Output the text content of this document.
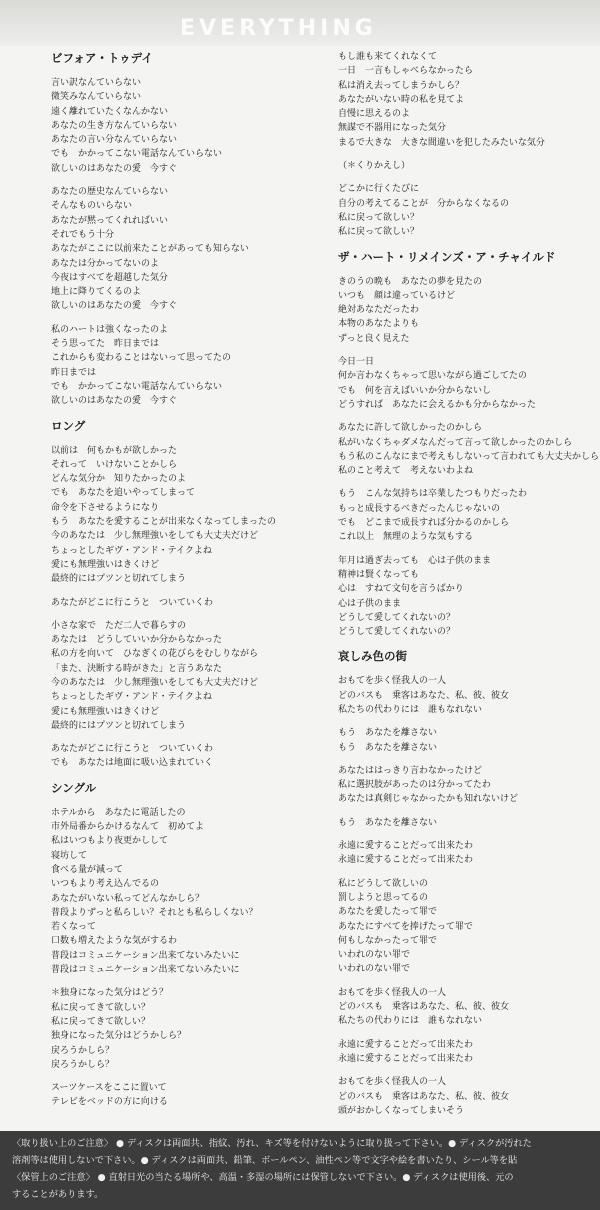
EVERYTHING
ビフォア・トゥデイ
言い訳なんていらない
微笑みなんていらない
遠く離れていたくなんかない
あなたの生き方なんていらない
あなたの言い分なんていらない
でも　かかってこない電話なんていらない
欲しいのはあなたの愛　今すぐ
あなたの歴史なんていらない
そんなものいらない
あなたが黙ってくれればいい
それでもう十分
あなたがここに以前来たことがあっても知らない
あなたは分かってないのよ
今夜はすべてを超越した気分
地上に降りてくるのよ
欲しいのはあなたの愛　今すぐ
私のハートは強くなったのよ
そう思ってた　昨日までは
これからも変わることはないって思ってたの
昨日までは
でも　かかってこない電話なんていらない
欲しいのはあなたの愛　今すぐ
ロング
以前は　何もかもが欲しかった
それって　いけないことかしら
どんな気分か　知りたかったのよ
でも　あなたを追いやってしまって
命令を下させるようになり
もう　あなたを愛することが出来なくなってしまったの
今のあなたは　少し無理強いをしても大丈夫だけど
ちょっとしたギヴ・アンド・テイクよね
愛にも無理強いはきくけど
最終的にはプツンと切れてしまう
あなたがどこに行こうと　ついていくわ
小さな家で　ただ二人で暮らすの
あなたは　どうしていいか分からなかった
私の方を向いて　ひなぎくの花びらをむしりながら
「また、決断する時がきた」と言うあなた
今のあなたは　少し無理強いをしても大丈夫だけど
ちょっとしたギヴ・アンド・テイクよね
愛にも無理強いはきくけど
最終的にはプツンと切れてしまう
あなたがどこに行こうと　ついていくわ
でも　あなたは地面に吸い込まれていく
シングル
ホテルから　あなたに電話したの
市外局番からかけるなんて　初めてよ
私はいつもより夜更かしして
寝坊して
食べる量が減って
いつもより考え込んでるの
あなたがいない私ってどんなかしら？
普段よりずっと私らしい？それとも私らしくない？
若くなって
口数も増えたような気がするわ
普段はコミュニケーション出来てないみたいに
普段はコミュニケーション出来てないみたいに
＊独身になった気分はどう？
私に戻ってきて欲しい？
私に戻ってきて欲しい？
独身になった気分はどうかしら？
戻ろうかしら？
戻ろうかしら？
スーツケースをここに置いて
テレビをベッドの方に向ける
もし誰も来てくれなくて
一日　一言もしゃべらなかったら
私は消え去ってしまうかしら？
あなたがいない時の私を見てよ
自慢に思えるのよ
無謀で不器用になった気分
まるで大きな　大きな間違いを犯したみたいな気分
（＊くりかえし）
どこかに行くたびに
自分の考えてることが　分からなくなるの
私に戻って欲しい？
私に戻って欲しい？
ザ・ハート・リメインズ・ア・チャイルド
きのうの晩も　あなたの夢を見たの
いつも　顔は違っているけど
絶対あなただったわ
本物のあなたよりも
ずっと良く見えた
今日一日
何か言わなくちゃって思いながら過ごしてたの
でも　何を言えばいいか分からないし
どうすれば　あなたに会えるかも分からなかった
あなたに許して欲しかったのかしら
私がいなくちゃダメなんだって言って欲しかったのかしら
もう私のこんなにまで考えもしないって言われても大丈夫かしら
私のこと考えて　考えないわよね
もう　こんな気持ちは卒業したつもりだったわ
もっと成長するべきだったんじゃないの
でも　どこまで成長すれば分かるのかしら
これ以上　無理のような気もする
年月は過ぎ去っても　心は子供のまま
精神は賢くなっても
心は　すねて文句を言うばかり
心は子供のまま
どうして愛してくれないの？
どうして愛してくれないの？
哀しみ色の街
おもてを歩く怪我人の一人
どのバスも　乗客はあなた、私、彼、彼女
私たちの代わりには　誰もなれない
もう　あなたを離さない
もう　あなたを離さない
あなたははっきり言わなかったけど
私に選択肢があったのは分かってたわ
あなたは真剣じゃなかったかも知れないけど
もう　あなたを離さない
永遠に愛することだって出来たわ
永遠に愛することだって出来たわ
私にどうして欲しいの
罰しようと思ってるの
あなたを愛したって罪で
あなたにすべてを捧げたって罪で
何もしなかったって罪で
いわれのない罪で
いわれのない罪で
おもてを歩く怪我人の一人
どのバスも　乗客はあなた、私、彼、彼女
私たちの代わりには　誰もなれない
永遠に愛することだって出来たわ
永遠に愛することだって出来たわ
おもてを歩く怪我人の一人
どのバスも　乗客はあなた、私、彼、彼女
頭がおかしくなってしまいそう
〈取り扱い上のご注意〉 ● ディスクは両面共、指紋、汚れ、キズ等を付けないように取り扱って下さい。● ディスクが汚れた
溶剤等は使用しないで下さい。● ディスクは両面共、鉛筆、ボールペン、油性ペン等で文字や絵を書いたり、シール等を貼
〈保管上のご注意〉 ● 直射日光の当たる場所や、高温・多湿の場所には保管しないで下さい。● ディスクは使用後、元の
することがあります。
